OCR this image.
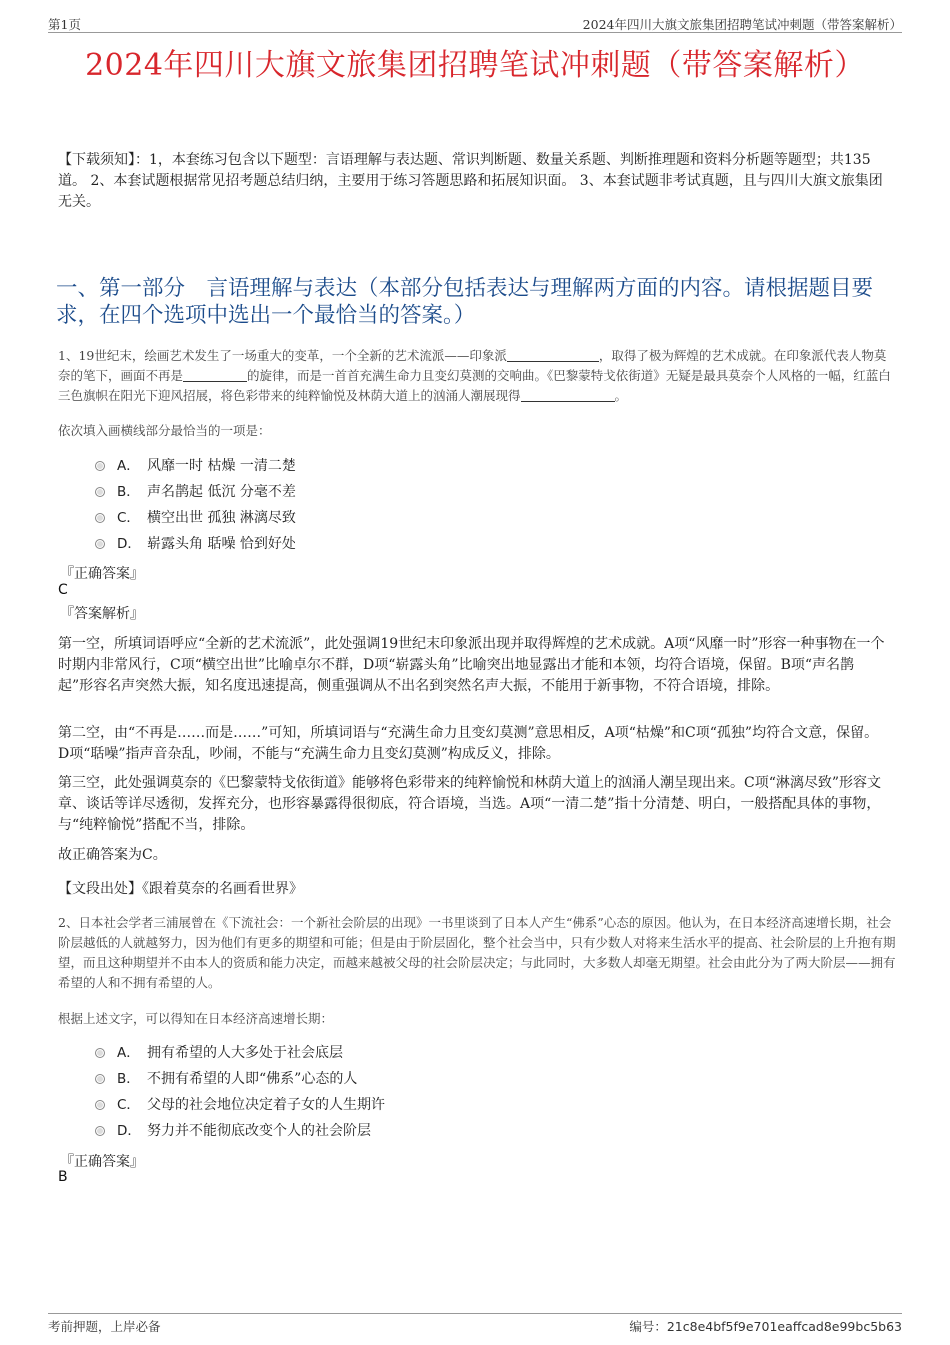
第1页	2024年四川大旗文旅集团招聘笔试冲刺题（带答案解析）
2024年四川大旗文旅集团招聘笔试冲刺题（带答案解析）
【下载须知】：1，本套练习包含以下题型：言语理解与表达题、常识判断题、数量关系题、判断推理题和资料分析题等题型；共135道。 2、本套试题根据常见招考题总结归纳，主要用于练习答题思路和拓展知识面。 3、本套试题非考试真题，且与四川大旗文旅集团无关。
一、第一部分　言语理解与表达（本部分包括表达与理解两方面的内容。请根据题目要求，在四个选项中选出一个最恰当的答案。）
1、19世纪末，绘画艺术发生了一场重大的变革，一个全新的艺术流派——印象派	，取得了极为辉煌的艺术成就。在印象派代表人物莫奈的笔下，画面不再是	的旋律，而是一首首充满生命力且变幻莫测的交响曲。《巴黎蒙特戈依街道》无疑是最具莫奈个人风格的一幅，红蓝白三色旗帜在阳光下迎风招展，将色彩带来的纯粹愉悦及林荫大道上的汹涌人潮展现得	。
依次填入画横线部分最恰当的一项是：
A． 风靡一时 枯燥 一清二楚
B． 声名鹊起 低沉 分毫不差
C． 横空出世 孤独 淋漓尽致
D． 崭露头角 聒噪 恰到好处
『正确答案』
C
『答案解析』
第一空，所填词语呼应“全新的艺术流派”，此处强调19世纪末印象派出现并取得辉煌的艺术成就。A项“风靡一时”形容一种事物在一个时期内非常风行，C项“横空出世”比喻卓尔不群，D项“崭露头角”比喻突出地显露出才能和本领，均符合语境，保留。B项“声名鹊起”形容名声突然大振，知名度迅速提高，侧重强调从不出名到突然名声大振，不能用于新事物，不符合语境，排除。
第二空，由“不再是……而是……”可知，所填词语与“充满生命力且变幻莫测”意思相反，A项“枯燥”和C项“孤独”均符合文意，保留。D项“聒噪”指声音杂乱，吵闹，不能与“充满生命力且变幻莫测”构成反义，排除。
第三空，此处强调莫奈的《巴黎蒙特戈依街道》能够将色彩带来的纯粹愉悦和林荫大道上的汹涌人潮呈现出来。C项“淋漓尽致”形容文章、谈话等详尽透彻，发挥充分，也形容暴露得很彻底，符合语境，当选。A项“一清二楚”指十分清楚、明白，一般搭配具体的事物，与“纯粹愉悦”搭配不当，排除。
故正确答案为C。
【文段出处】《跟着莫奈的名画看世界》
2、日本社会学者三浦展曾在《下流社会：一个新社会阶层的出现》一书里谈到了日本人产生“佛系”心态的原因。他认为，在日本经济高速增长期，社会阶层越低的人就越努力，因为他们有更多的期望和可能；但是由于阶层固化，整个社会当中，只有少数人对将来生活水平的提高、社会阶层的上升抱有期望，而且这种期望并不由本人的资质和能力决定，而越来越被父母的社会阶层决定；与此同时，大多数人却毫无期望。社会由此分为了两大阶层——拥有希望的人和不拥有希望的人。
根据上述文字，可以得知在日本经济高速增长期：
A． 拥有希望的人大多处于社会底层
B． 不拥有希望的人即“佛系”心态的人
C． 父母的社会地位决定着子女的人生期许
D． 努力并不能彻底改变个人的社会阶层
『正确答案』
B
考前押题，上岸必备	编号：21c8e4bf5f9e701eaffcad8e99bc5b63
